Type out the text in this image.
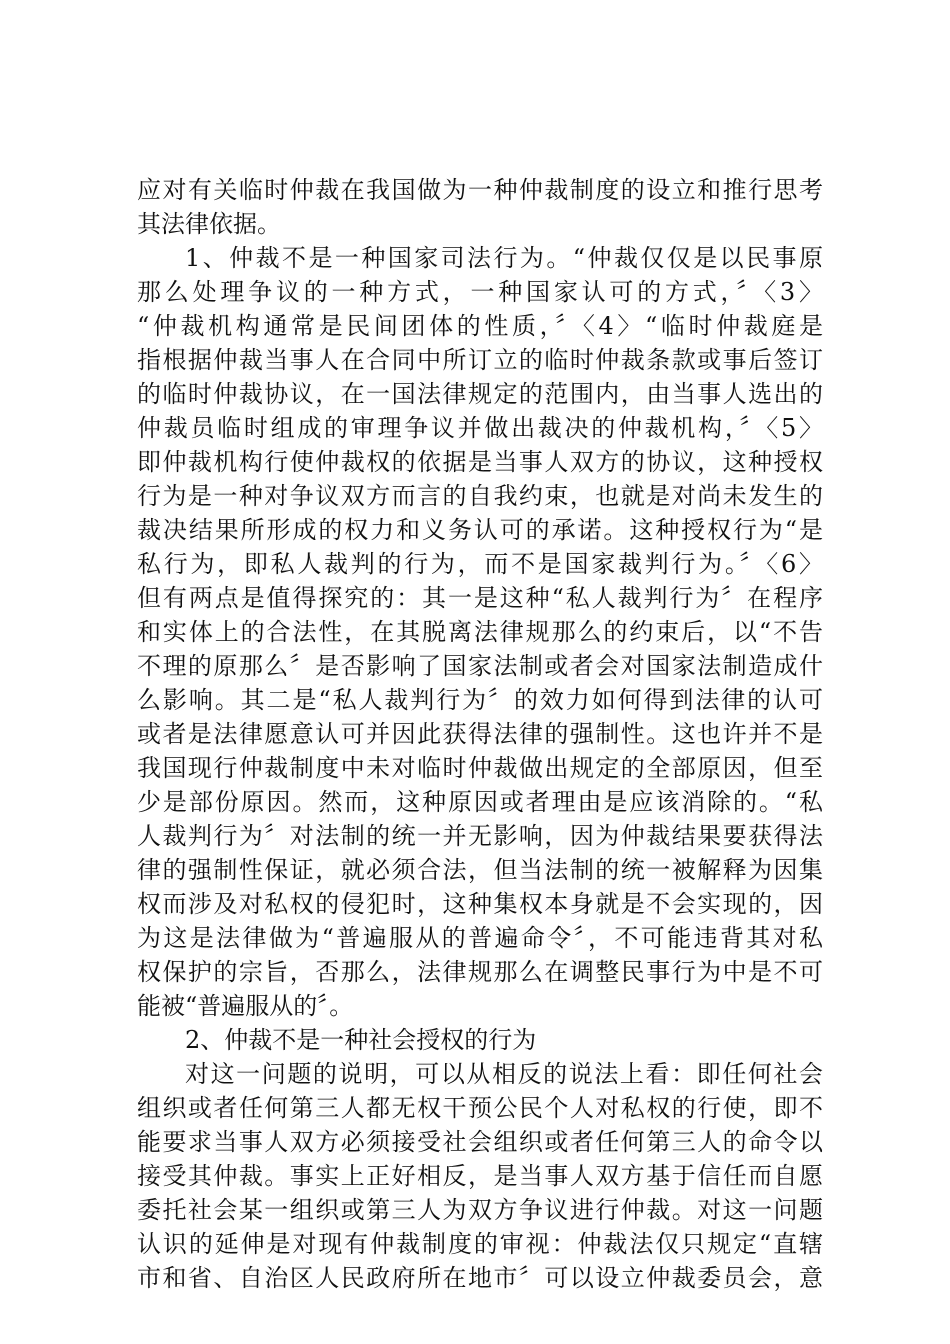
应对有关临时仲裁在我国做为一种仲裁制度的设立和推行思考
其法律依据。
1、仲裁不是一种国家司法行为。“仲裁仅仅是以民事原
那么处理争议的一种方式，一种国家认可的方式，〞〈3〉
“仲裁机构通常是民间团体的性质，〞〈4〉“临时仲裁庭是
指根据仲裁当事人在合同中所订立的临时仲裁条款或事后签订
的临时仲裁协议，在一国法律规定的范围内，由当事人选出的
仲裁员临时组成的审理争议并做出裁决的仲裁机构，〞〈5〉
即仲裁机构行使仲裁权的依据是当事人双方的协议，这种授权
行为是一种对争议双方而言的自我约束，也就是对尚未发生的
裁决结果所形成的权力和义务认可的承诺。这种授权行为“是
私行为，即私人裁判的行为，而不是国家裁判行为。〞〈6〉
但有两点是值得探究的：其一是这种“私人裁判行为〞在程序
和实体上的合法性，在其脱离法律规那么的约束后，以“不告
不理的原那么〞是否影响了国家法制或者会对国家法制造成什
么影响。其二是“私人裁判行为〞的效力如何得到法律的认可
或者是法律愿意认可并因此获得法律的强制性。这也许并不是
我国现行仲裁制度中未对临时仲裁做出规定的全部原因，但至
少是部份原因。然而，这种原因或者理由是应该消除的。“私
人裁判行为〞对法制的统一并无影响，因为仲裁结果要获得法
律的强制性保证，就必须合法，但当法制的统一被解释为因集
权而涉及对私权的侵犯时，这种集权本身就是不会实现的，因
为这是法律做为“普遍服从的普遍命令〞，不可能违背其对私
权保护的宗旨，否那么，法律规那么在调整民事行为中是不可
能被“普遍服从的〞。
2、仲裁不是一种社会授权的行为
对这一问题的说明，可以从相反的说法上看：即任何社会
组织或者任何第三人都无权干预公民个人对私权的行使，即不
能要求当事人双方必须接受社会组织或者任何第三人的命令以
接受其仲裁。事实上正好相反，是当事人双方基于信任而自愿
委托社会某一组织或第三人为双方争议进行仲裁。对这一问题
认识的延伸是对现有仲裁制度的审视：仲裁法仅只规定“直辖
市和省、自治区人民政府所在地市〞可以设立仲裁委员会，意
